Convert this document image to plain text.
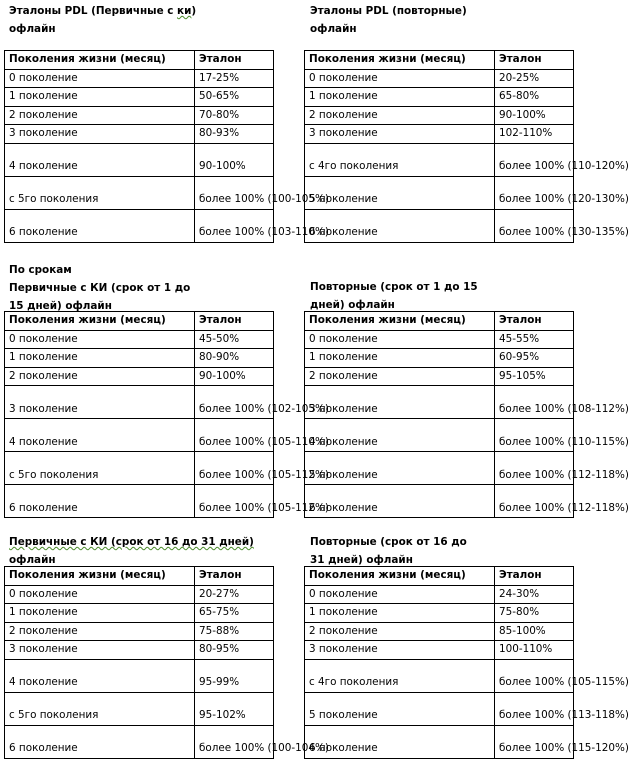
Эталоны PDL (Первичные с ки)
офлайн
Эталоны PDL (повторные)
офлайн
По срокам
Первичные с КИ (срок от 1 до
15 дней) офлайн
Повторные (срок от 1 до 15
дней) офлайн
Первичные с КИ (срок от 16 до 31 дней)
офлайн
Повторные (срок от 16 до
31 дней) офлайн
Поколения жизни (месяц)	Эталон
0 поколение	17-25%
1 поколение	50-65%
2 поколение	70-80%
3 поколение	80-93%
4 поколение	90-100%
с 5го поколения	более 100% (100-105%)
6 поколение	более 100% (103-110%)
Поколения жизни (месяц)	Эталон
0 поколение	20-25%
1 поколение	65-80%
2 поколение	90-100%
3 поколение	102-110%
с 4го поколения	более 100% (110-120%)
5 поколение	более 100% (120-130%)
6 поколение	более 100% (130-135%)
Поколения жизни (месяц)	Эталон
0 поколение	45-50%
1 поколение	80-90%
2 поколение	90-100%
3 поколение	более 100% (102-105%)
4 поколение	более 100% (105-110%)
с 5го поколения	более 100% (105-112%)
6 поколение	более 100% (105-112%)
Поколения жизни (месяц)	Эталон
0 поколение	45-55%
1 поколение	60-95%
2 поколение	95-105%
3 поколение	более 100% (108-112%)
4 поколение	более 100% (110-115%)
5 поколение	более 100% (112-118%)
6 поколение	более 100% (112-118%)
Поколения жизни (месяц)	Эталон
0 поколение	20-27%
1 поколение	65-75%
2 поколение	75-88%
3 поколение	80-95%
4 поколение	95-99%
с 5го поколения	95-102%
6 поколение	более 100% (100-104%)
Поколения жизни (месяц)	Эталон
0 поколение	24-30%
1 поколение	75-80%
2 поколение	85-100%
3 поколение	100-110%
с 4го поколения	более 100% (105-115%)
5 поколение	более 100% (113-118%)
6 поколение	более 100% (115-120%)
